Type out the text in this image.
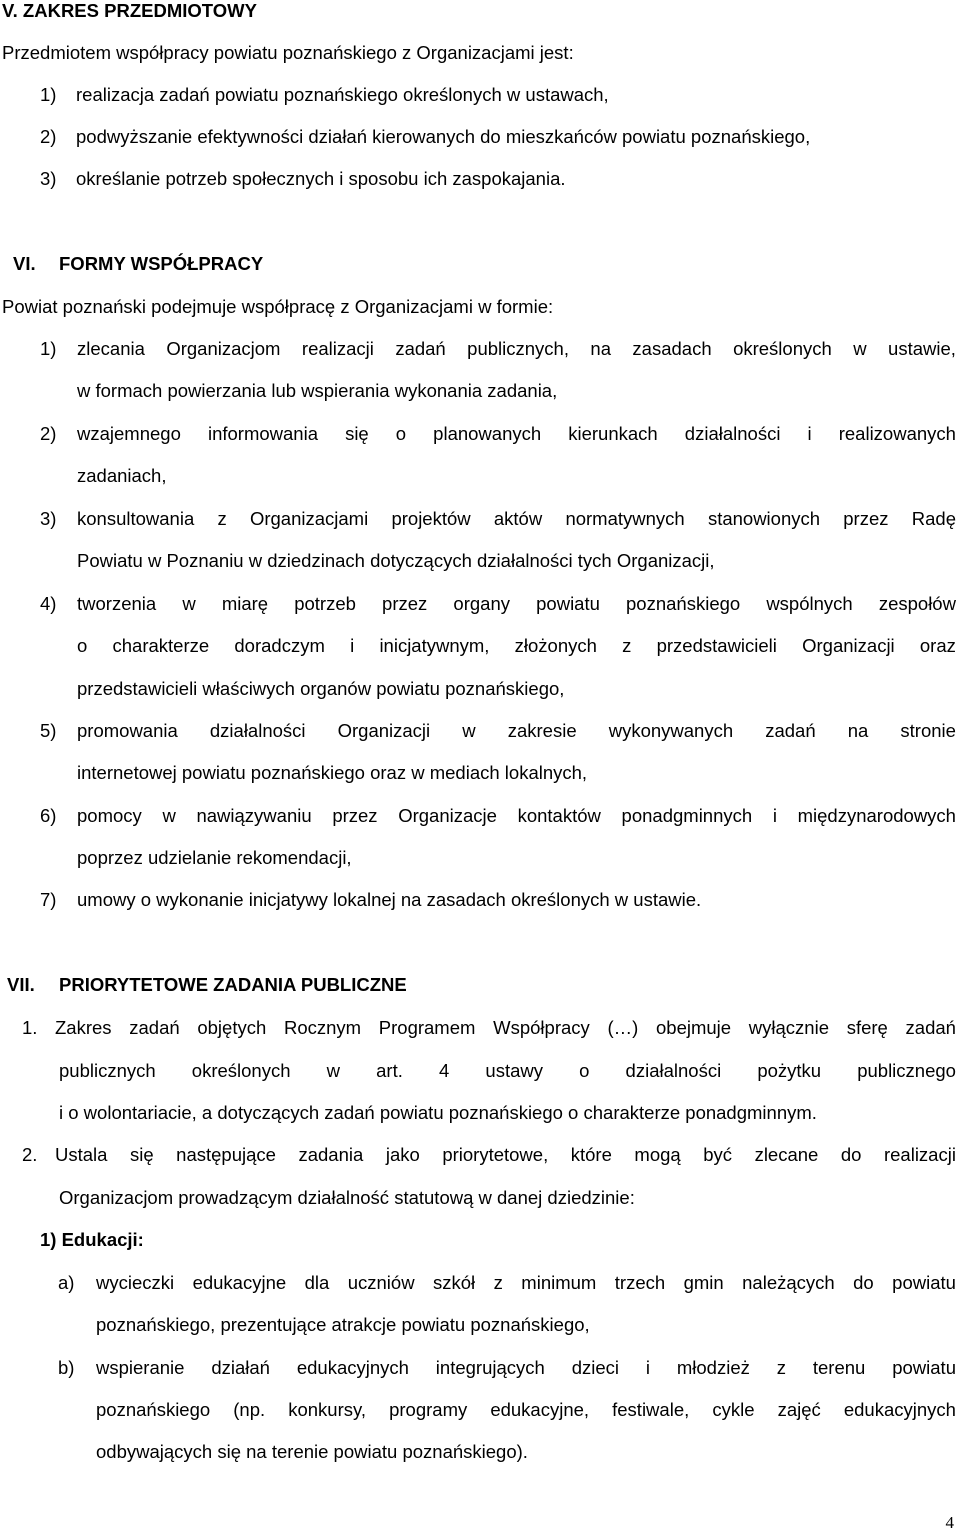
V. ZAKRES PRZEDMIOTOWY
Przedmiotem współpracy powiatu poznańskiego z Organizacjami jest:
1) realizacja zadań powiatu poznańskiego określonych w ustawach,
2) podwyższanie efektywności działań kierowanych do mieszkańców powiatu poznańskiego,
3) określanie potrzeb społecznych i sposobu ich zaspokajania.
VI. FORMY WSPÓŁPRACY
Powiat poznański podejmuje współpracę z Organizacjami w formie:
1) zlecania Organizacjom realizacji zadań publicznych, na zasadach określonych w ustawie,
w formach powierzania lub wspierania wykonania zadania,
2) wzajemnego informowania się o planowanych kierunkach działalności i realizowanych
zadaniach,
3) konsultowania z Organizacjami projektów aktów normatywnych stanowionych przez Radę
Powiatu w Poznaniu w dziedzinach dotyczących działalności tych Organizacji,
4) tworzenia w miarę potrzeb przez organy powiatu poznańskiego wspólnych zespołów
o charakterze doradczym i inicjatywnym, złożonych z przedstawicieli Organizacji oraz
przedstawicieli właściwych organów powiatu poznańskiego,
5) promowania działalności Organizacji w zakresie wykonywanych zadań na stronie
internetowej powiatu poznańskiego oraz w mediach lokalnych,
6) pomocy w nawiązywaniu przez Organizacje kontaktów ponadgminnych i międzynarodowych
poprzez udzielanie rekomendacji,
7) umowy o wykonanie inicjatywy lokalnej na zasadach określonych w ustawie.
VII. PRIORYTETOWE ZADANIA PUBLICZNE
1. Zakres zadań objętych Rocznym Programem Współpracy (…) obejmuje wyłącznie sferę zadań
publicznych określonych w art. 4 ustawy o działalności pożytku publicznego
i o wolontariacie, a dotyczących zadań powiatu poznańskiego o charakterze ponadgminnym.
2. Ustala się następujące zadania jako priorytetowe, które mogą być zlecane do realizacji
Organizacjom prowadzącym działalność statutową w danej dziedzinie:
1) Edukacji:
a) wycieczki edukacyjne dla uczniów szkół z minimum trzech gmin należących do powiatu
poznańskiego, prezentujące atrakcje powiatu poznańskiego,
b) wspieranie działań edukacyjnych integrujących dzieci i młodzież z terenu powiatu
poznańskiego (np. konkursy, programy edukacyjne, festiwale, cykle zajęć edukacyjnych
odbywających się na terenie powiatu poznańskiego).
4
